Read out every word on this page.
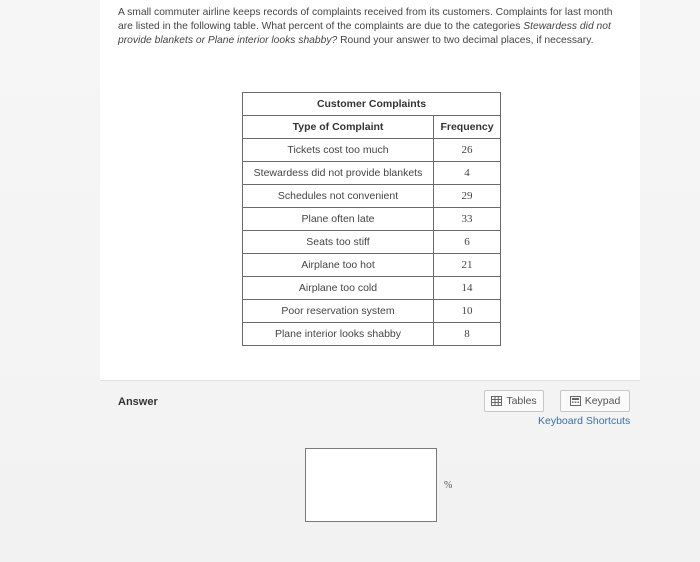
A small commuter airline keeps records of complaints received from its customers. Complaints for last month are listed in the following table. What percent of the complaints are due to the categories Stewardess did not provide blankets or Plane interior looks shabby? Round your answer to two decimal places, if necessary.
Customer Complaints	
Type of Complaint	Frequency
Tickets cost too much	26
Stewardess did not provide blankets	4
Schedules not convenient	29
Plane often late	33
Seats too stiff	6
Airplane too hot	21
Airplane too cold	14
Poor reservation system	10
Plane interior looks shabby	8
Answer	Tables	Keypad
Keyboard Shortcuts
%
